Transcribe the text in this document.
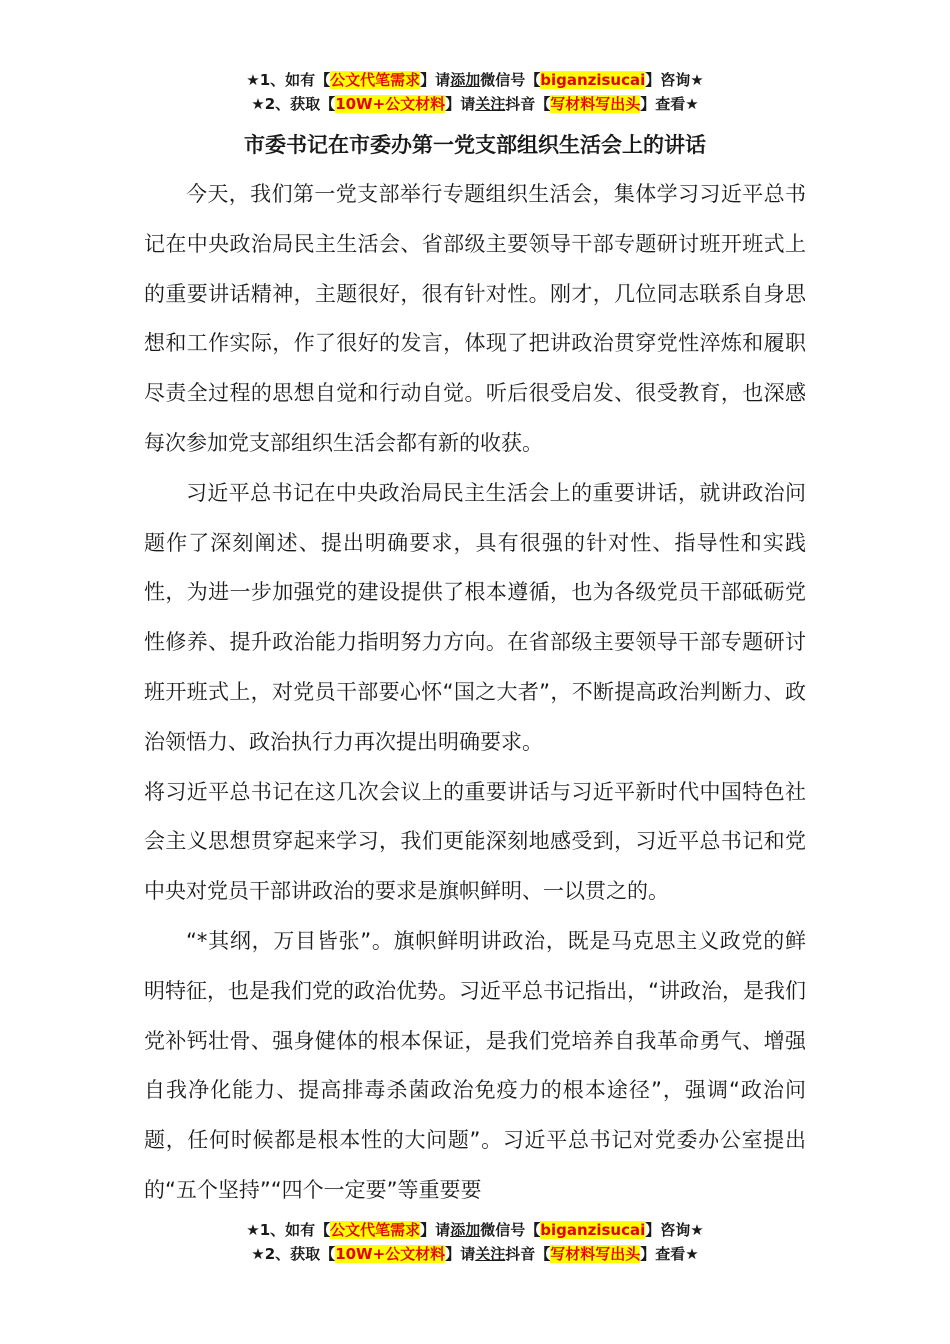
★1、如有【公文代笔需求】请添加微信号【biganzisucai】咨询★
★2、获取【10W+公文材料】请关注抖音【写材料写出头】查看★
市委书记在市委办第一党支部组织生活会上的讲话

今天，我们第一党支部举行专题组织生活会，集体学习习近平总书记在中央政治局民主生活会、省部级主要领导干部专题研讨班开班式上的重要讲话精神，主题很好，很有针对性。刚才，几位同志联系自身思想和工作实际，作了很好的发言，体现了把讲政治贯穿党性淬炼和履职尽责全过程的思想自觉和行动自觉。听后很受启发、很受教育，也深感每次参加党支部组织生活会都有新的收获。

习近平总书记在中央政治局民主生活会上的重要讲话，就讲政治问题作了深刻阐述、提出明确要求，具有很强的针对性、指导性和实践性，为进一步加强党的建设提供了根本遵循，也为各级党员干部砥砺党性修养、提升政治能力指明努力方向。在省部级主要领导干部专题研讨班开班式上，对党员干部要心怀“国之大者”，不断提高政治判断力、政治领悟力、政治执行力再次提出明确要求。

将习近平总书记在这几次会议上的重要讲话与习近平新时代中国特色社会主义思想贯穿起来学习，我们更能深刻地感受到，习近平总书记和党中央对党员干部讲政治的要求是旗帜鲜明、一以贯之的。

“*其纲，万目皆张”。旗帜鲜明讲政治，既是马克思主义政党的鲜明特征，也是我们党的政治优势。习近平总书记指出，“讲政治，是我们党补钙壮骨、强身健体的根本保证，是我们党培养自我革命勇气、增强自我净化能力、提高排毒杀菌政治免疫力的根本途径”，强调“政治问题，任何时候都是根本性的大问题”。习近平总书记对党委办公室提出的“五个坚持”“四个一定要”等重要要

★1、如有【公文代笔需求】请添加微信号【biganzisucai】咨询★
★2、获取【10W+公文材料】请关注抖音【写材料写出头】查看★
